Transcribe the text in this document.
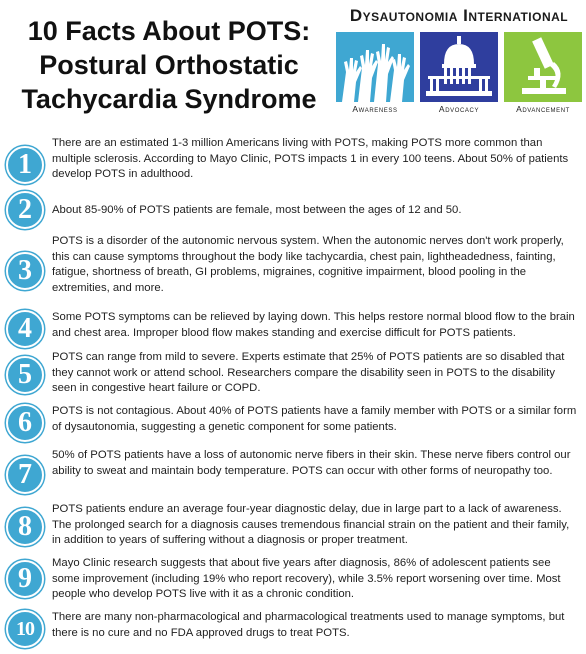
10 Facts About POTS:
Postural Orthostatic
Tachycardia Syndrome
Dysautonomia International
Awareness	Advocacy	Advancement
1
There are an estimated 1-3 million Americans living with POTS, making POTS more common than multiple sclerosis. According to Mayo Clinic, POTS impacts 1 in every 100 teens. About 50% of patients develop POTS in adulthood.
2	About 85-90% of POTS patients are female, most between the ages of 12 and 50.
3
POTS is a disorder of the autonomic nervous system. When the autonomic nerves don't work properly, this can cause symptoms throughout the body like tachycardia, chest pain, lightheadedness, fainting, fatigue, shortness of breath, GI problems, migraines, cognitive impairment, blood pooling in the extremities, and more.
4	Some POTS symptoms can be relieved by laying down. This helps restore normal blood flow to the brain and chest area. Improper blood flow makes standing and exercise difficult for POTS patients.
5
POTS can range from mild to severe. Experts estimate that 25% of POTS patients are so disabled that they cannot work or attend school. Researchers compare the disability seen in POTS to the disability seen in congestive heart failure or COPD.
6	POTS is not contagious. About 40% of POTS patients have a family member with POTS or a similar form of dysautonomia, suggesting a genetic component for some patients.
7
50% of POTS patients have a loss of autonomic nerve fibers in their skin. These nerve fibers control our ability to sweat and maintain body temperature. POTS can occur with other forms of neuropathy too.
8
POTS patients endure an average four-year diagnostic delay, due in large part to a lack of awareness. The prolonged search for a diagnosis causes tremendous financial strain on the patient and their family, in addition to years of suffering without a diagnosis or proper treatment.
9	Mayo Clinic research suggests that about five years after diagnosis, 86% of adolescent patients see some improvement (including 19% who report recovery), while 3.5% report worsening over time. Most people who develop POTS live with it as a chronic condition.
10
There are many non-pharmacological and pharmacological treatments used to manage symptoms, but there is no cure and no FDA approved drugs to treat POTS.
